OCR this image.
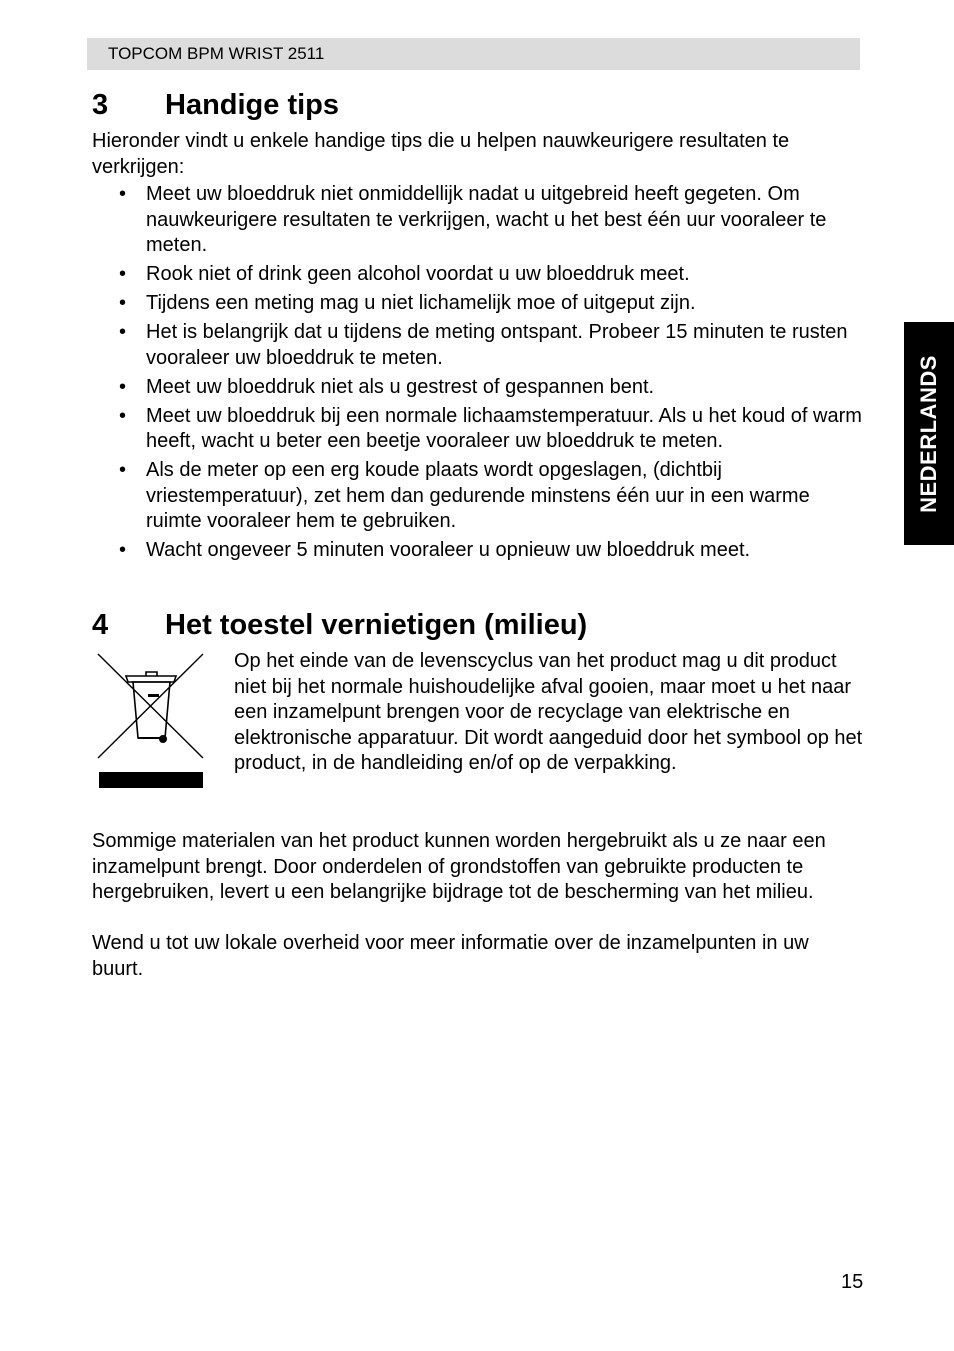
TOPCOM BPM WRIST 2511
NEDERLANDS
3	Handige tips

Hieronder vindt u enkele handige tips die u helpen nauwkeurigere resultaten te verkrijgen:

• Meet uw bloeddruk niet onmiddellijk nadat u uitgebreid heeft gegeten. Om nauwkeurigere resultaten te verkrijgen, wacht u het best één uur vooraleer te meten.
• Rook niet of drink geen alcohol voordat u uw bloeddruk meet.
• Tijdens een meting mag u niet lichamelijk moe of uitgeput zijn.
• Het is belangrijk dat u tijdens de meting ontspant. Probeer 15 minuten te rusten vooraleer uw bloeddruk te meten.
• Meet uw bloeddruk niet als u gestrest of gespannen bent.
• Meet uw bloeddruk bij een normale lichaamstemperatuur. Als u het koud of warm heeft, wacht u beter een beetje vooraleer uw bloeddruk te meten.
• Als de meter op een erg koude plaats wordt opgeslagen, (dichtbij vriestemperatuur), zet hem dan gedurende minstens één uur in een warme ruimte vooraleer hem te gebruiken.
• Wacht ongeveer 5 minuten vooraleer u opnieuw uw bloeddruk meet.
4	Het toestel vernietigen (milieu)

Op het einde van de levenscyclus van het product mag u dit product niet bij het normale huishoudelijke afval gooien, maar moet u het naar een inzamelpunt brengen voor de recyclage van elektrische en elektronische apparatuur. Dit wordt aangeduid door het symbool op het product, in de handleiding en/of op de verpakking.

Sommige materialen van het product kunnen worden hergebruikt als u ze naar een inzamelpunt brengt. Door onderdelen of grondstoffen van gebruikte producten te hergebruiken, levert u een belangrijke bijdrage tot de bescherming van het milieu.

Wend u tot uw lokale overheid voor meer informatie over de inzamelpunten in uw buurt.

15
